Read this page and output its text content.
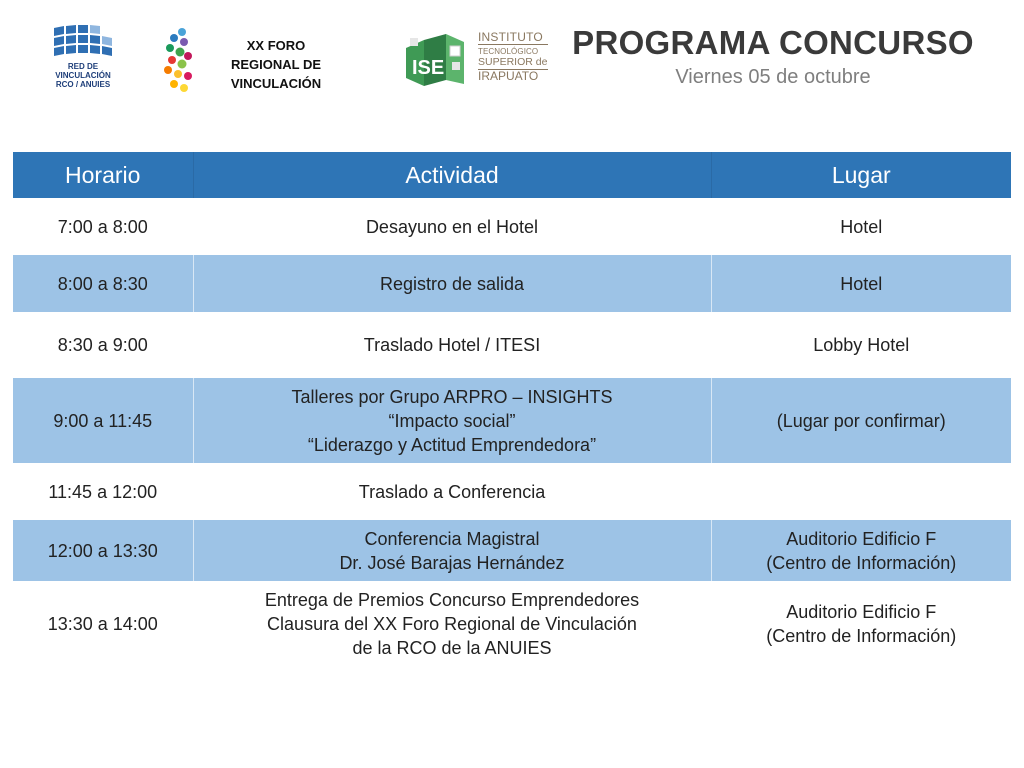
RED DE
VINCULACIÓN
RCO / ANUIES
XX FORO
REGIONAL DE
VINCULACIÓN
ISE
INSTITUTO
TECNOLÓGICO
SUPERIOR de
IRAPUATO
PROGRAMA CONCURSO
Viernes 05 de octubre
Horario	Actividad	Lugar
7:00 a 8:00	Desayuno en el Hotel	Hotel

8:00 a 8:30	Registro de salida	Hotel

8:30 a 9:00	Traslado Hotel / ITESI	Lobby Hotel

9:00 a 11:45	Talleres por Grupo ARPRO – INSIGHTS
“Impacto social”
“Liderazgo y Actitud Emprendedora”	(Lugar por confirmar)

11:45 a 12:00	Traslado a Conferencia	

12:00 a 13:30	Conferencia Magistral
Dr. José Barajas Hernández	Auditorio Edificio F
(Centro de Información)

13:30 a 14:00	Entrega de Premios Concurso Emprendedores
Clausura del XX Foro Regional de Vinculación
de la RCO de la ANUIES	Auditorio Edificio F
(Centro de Información)
